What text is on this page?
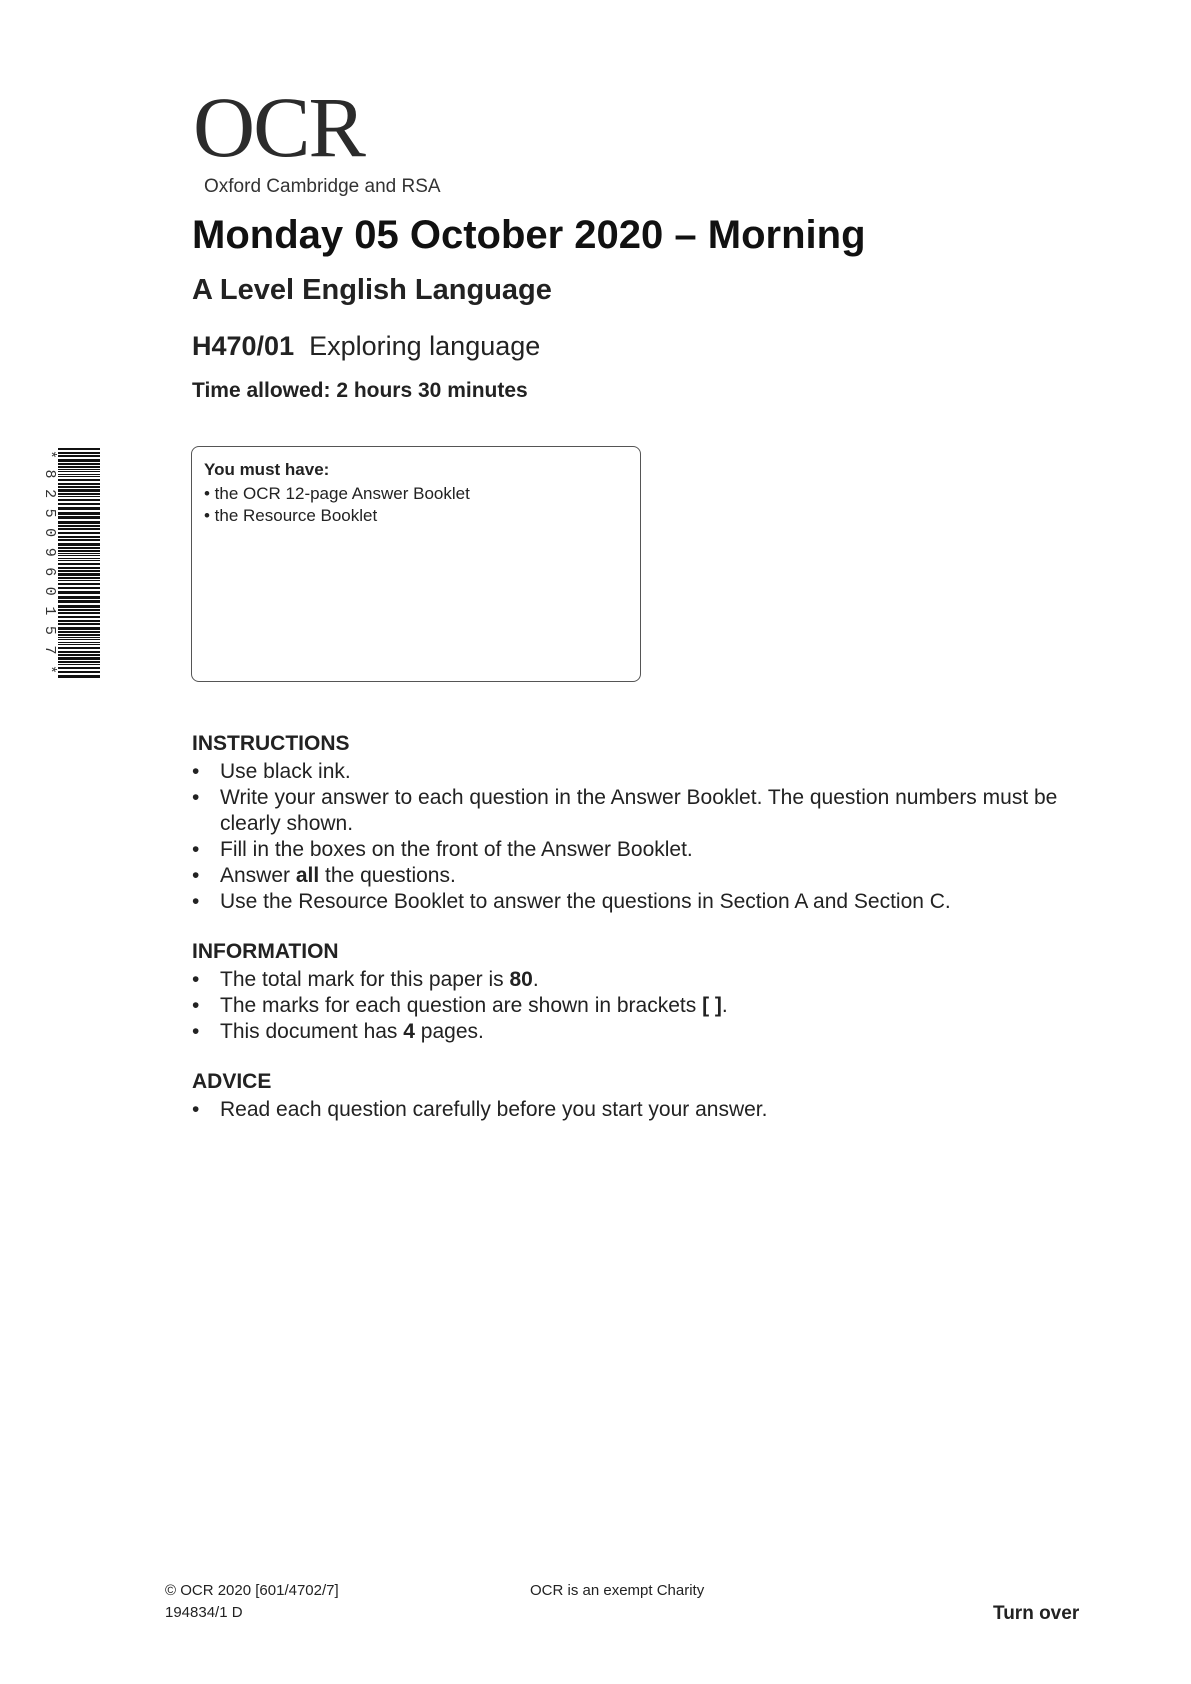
OCR
Oxford Cambridge and RSA
Monday 05 October 2020 – Morning
A Level English Language
H470/01 Exploring language
Time allowed: 2 hours 30 minutes
*8250960157*
You must have:
• the OCR 12-page Answer Booklet
• the Resource Booklet
INSTRUCTIONS
• Use black ink.
• Write your answer to each question in the Answer Booklet. The question numbers must be clearly shown.
• Fill in the boxes on the front of the Answer Booklet.
• Answer all the questions.
• Use the Resource Booklet to answer the questions in Section A and Section C.
INFORMATION
• The total mark for this paper is 80.
• The marks for each question are shown in brackets [ ].
• This document has 4 pages.
ADVICE
• Read each question carefully before you start your answer.
© OCR 2020 [601/4702/7]
194834/1 D
OCR is an exempt Charity
Turn over
